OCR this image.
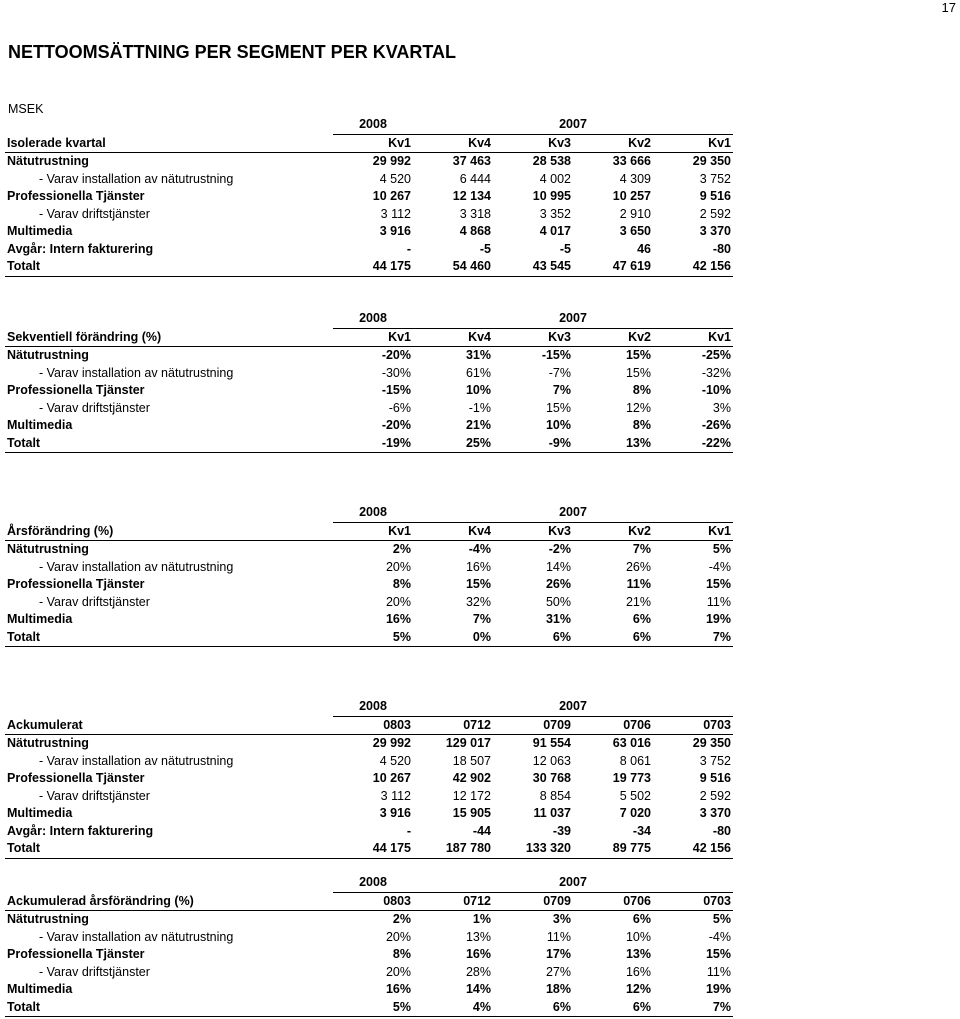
17
NETTOOMSÄTTNING PER SEGMENT PER KVARTAL
MSEK
	2008	2007			
Isolerade kvartal	Kv1	Kv4	Kv3	Kv2	Kv1
Nätutrustning	29 992	37 463	28 538	33 666	29 350
- Varav installation av nätutrustning	4 520	6 444	4 002	4 309	3 752
Professionella Tjänster	10 267	12 134	10 995	10 257	9 516
- Varav driftstjänster	3 112	3 318	3 352	2 910	2 592
Multimedia	3 916	4 868	4 017	3 650	3 370
Avgår: Intern fakturering	-	-5	-5	46	-80
Totalt	44 175	54 460	43 545	47 619	42 156
	2008	2007			
Sekventiell förändring (%)	Kv1	Kv4	Kv3	Kv2	Kv1
Nätutrustning	-20%	31%	-15%	15%	-25%
- Varav installation av nätutrustning	-30%	61%	-7%	15%	-32%
Professionella Tjänster	-15%	10%	7%	8%	-10%
- Varav driftstjänster	-6%	-1%	15%	12%	3%
Multimedia	-20%	21%	10%	8%	-26%
Totalt	-19%	25%	-9%	13%	-22%
	2008	2007			
Årsförändring (%)	Kv1	Kv4	Kv3	Kv2	Kv1
Nätutrustning	2%	-4%	-2%	7%	5%
- Varav installation av nätutrustning	20%	16%	14%	26%	-4%
Professionella Tjänster	8%	15%	26%	11%	15%
- Varav driftstjänster	20%	32%	50%	21%	11%
Multimedia	16%	7%	31%	6%	19%
Totalt	5%	0%	6%	6%	7%
	2008	2007			
Ackumulerat	0803	0712	0709	0706	0703
Nätutrustning	29 992	129 017	91 554	63 016	29 350
- Varav installation av nätutrustning	4 520	18 507	12 063	8 061	3 752
Professionella Tjänster	10 267	42 902	30 768	19 773	9 516
- Varav driftstjänster	3 112	12 172	8 854	5 502	2 592
Multimedia	3 916	15 905	11 037	7 020	3 370
Avgår: Intern fakturering	-	-44	-39	-34	-80
Totalt	44 175	187 780	133 320	89 775	42 156
	2008	2007			
Ackumulerad årsförändring (%)	0803	0712	0709	0706	0703
Nätutrustning	2%	1%	3%	6%	5%
- Varav installation av nätutrustning	20%	13%	11%	10%	-4%
Professionella Tjänster	8%	16%	17%	13%	15%
- Varav driftstjänster	20%	28%	27%	16%	11%
Multimedia	16%	14%	18%	12%	19%
Totalt	5%	4%	6%	6%	7%
